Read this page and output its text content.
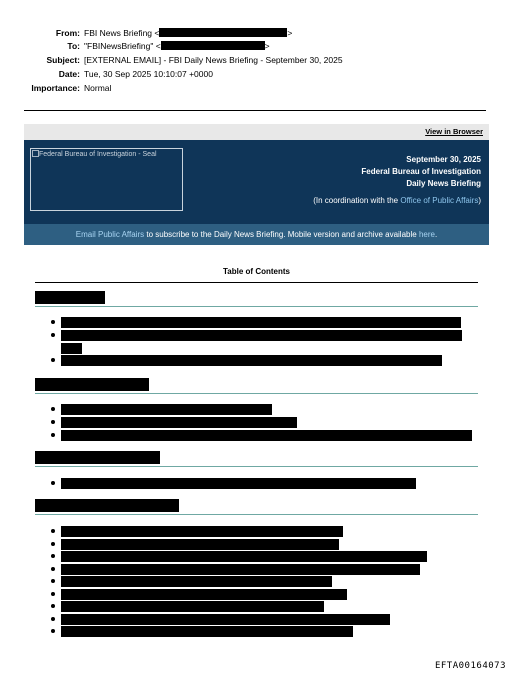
From: FBI News Briefing <	>
To: "FBINewsBriefing" <	>
Subject: [EXTERNAL EMAIL] - FBI Daily News Briefing - September 30, 2025
Date: Tue, 30 Sep 2025 10:10:07 +0000
Importance: Normal
View in Browser
Federal Bureau of Investigation - Seal
September 30, 2025
Federal Bureau of Investigation
Daily News Briefing
(In coordination with the Office of Public Affairs)
Email Public Affairs to subscribe to the Daily News Briefing. Mobile version and archive available here.
Table of Contents
EFTA00164073
